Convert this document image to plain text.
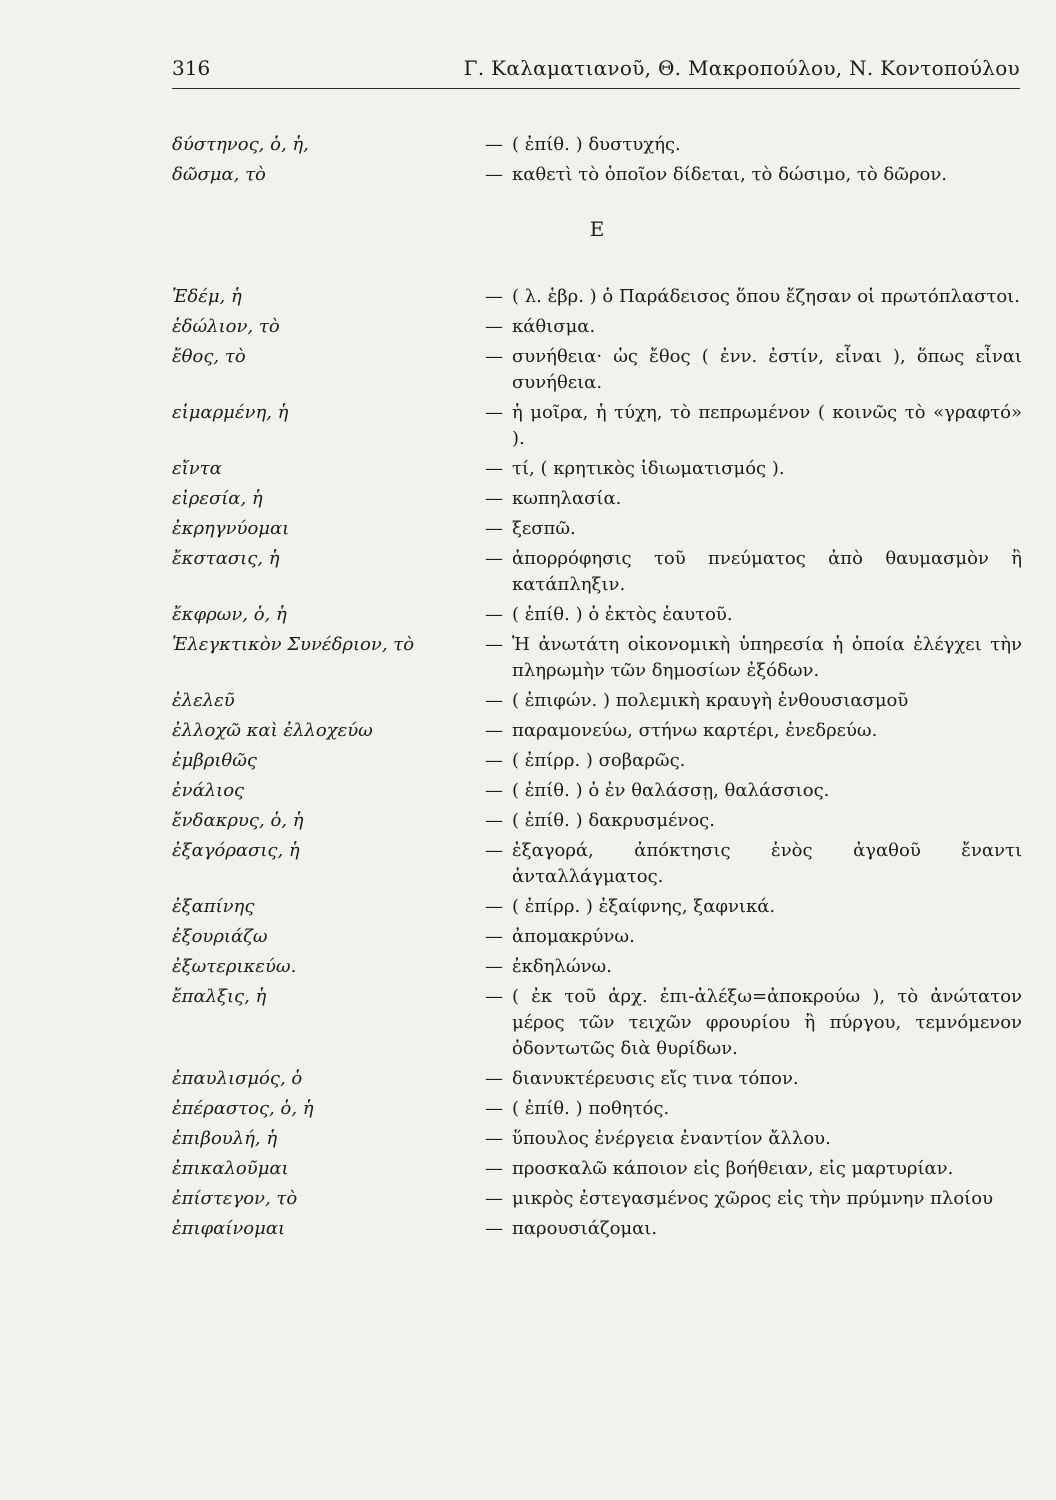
316	Γ. Καλαματιανοῦ, Θ. Μακροπούλου, Ν. Κοντοπούλου
δύστηνος, ὁ, ἡ,	— ( ἐπίθ. ) δυστυχής.
δῶσμα, τὸ	— καθετὶ τὸ ὁποῖον δίδεται, τὸ δώσιμο, τὸ δῶρον.
Ε
Ἐδέμ, ἡ	— ( λ. ἑβρ. ) ὁ Παράδεισος ὅπου ἔζησαν οἱ πρωτόπλαστοι.
ἑδώλιον, τὸ	— κάθισμα.
ἔθος, τὸ	— συνήθεια· ὡς ἔθος ( ἐνν. ἐστίν, εἶναι ), ὅπως εἶναι συνήθεια.
εἱμαρμένη, ἡ	— ἡ μοῖρα, ἡ τύχη, τὸ πεπρωμένον ( κοινῶς τὸ «γραφτό» ).
εἴντα	— τί, ( κρητικὸς ἰδιωματισμός ).
εἰρεσία, ἡ	— κωπηλασία.
ἐκρηγνύομαι	— ξεσπῶ.
ἔκστασις, ἡ	— ἀπορρόφησις τοῦ πνεύματος ἀπὸ θαυμασμὸν ἢ κατάπληξιν.
ἔκφρων, ὁ, ἡ	— ( ἐπίθ. ) ὁ ἐκτὸς ἑαυτοῦ.
Ἐλεγκτικὸν Συνέδριον, τὸ	— Ἡ ἀνωτάτη οἰκονομικὴ ὑπηρεσία ἡ ὁποία ἐλέγχει τὴν πληρωμὴν τῶν δημοσίων ἐξόδων.
ἐλελεῦ	— ( ἐπιφών. ) πολεμικὴ κραυγὴ ἐνθουσιασμοῦ
ἐλλοχῶ καὶ ἐλλοχεύω	— παραμονεύω, στήνω καρτέρι, ἐνεδρεύω.
ἐμβριθῶς	— ( ἐπίρρ. ) σοβαρῶς.
ἐνάλιος	— ( ἐπίθ. ) ὁ ἐν θαλάσσῃ, θαλάσσιος.
ἔνδακρυς, ὁ, ἡ	— ( ἐπίθ. ) δακρυσμένος.
ἐξαγόρασις, ἡ	— ἐξαγορά, ἀπόκτησις ἑνὸς ἀγαθοῦ ἔναντι ἀνταλλάγματος.
ἐξαπίνης	— ( ἐπίρρ. ) ἐξαίφνης, ξαφνικά.
ἐξουριάζω	— ἀπομακρύνω.
ἐξωτερικεύω.	— ἐκδηλώνω.
ἔπαλξις, ἡ	— ( ἐκ τοῦ ἀρχ. ἐπι-ἀλέξω=ἀποκρούω ), τὸ ἀνώτατον μέρος τῶν τειχῶν φρουρίου ἢ πύργου, τεμνόμενον ὀδοντωτῶς διὰ θυρίδων.
ἐπαυλισμός, ὁ	— διανυκτέρευσις εἴς τινα τόπον.
ἐπέραστος, ὁ, ἡ	— ( ἐπίθ. ) ποθητός.
ἐπιβουλή, ἡ	— ὕπουλος ἐνέργεια ἐναντίον ἄλλου.
ἐπικαλοῦμαι	— προσκαλῶ κάποιον εἰς βοήθειαν, εἰς μαρτυρίαν.
ἐπίστεγον, τὸ	— μικρὸς ἐστεγασμένος χῶρος εἰς τὴν πρύμνην πλοίου
ἐπιφαίνομαι	— παρουσιάζομαι.
